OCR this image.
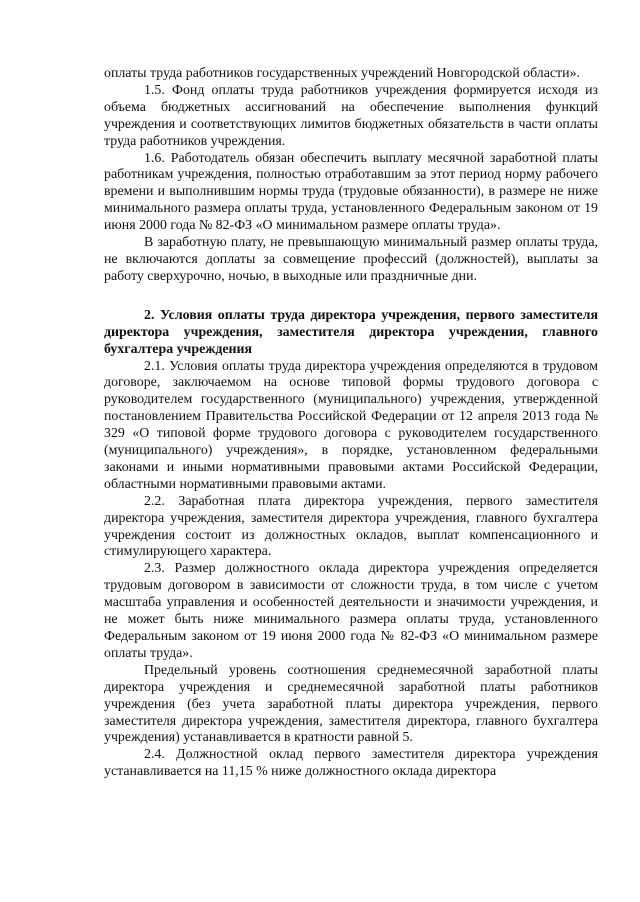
оплаты труда работников государственных учреждений Новгородской области».

1.5. Фонд оплаты труда работников учреждения формируется исходя из объема бюджетных ассигнований на обеспечение выполнения функций учреждения и соответствующих лимитов бюджетных обязательств в части оплаты труда работников учреждения.

1.6. Работодатель обязан обеспечить выплату месячной заработной платы работникам учреждения, полностью отработавшим за этот период норму рабочего времени и выполнившим нормы труда (трудовые обязанности), в размере не ниже минимального размера оплаты труда, установленного Федеральным законом от 19 июня 2000 года № 82-ФЗ «О минимальном размере оплаты труда».

В заработную плату, не превышающую минимальный размер оплаты труда, не включаются доплаты за совмещение профессий (должностей), выплаты за работу сверхурочно, ночью, в выходные или праздничные дни.

2. Условия оплаты труда директора учреждения, первого заместителя директора учреждения, заместителя директора учреждения, главного бухгалтера учреждения

2.1. Условия оплаты труда директора учреждения определяются в трудовом договоре, заключаемом на основе типовой формы трудового договора с руководителем государственного (муниципального) учреждения, утвержденной постановлением Правительства Российской Федерации от 12 апреля 2013 года № 329 «О типовой форме трудового договора с руководителем государственного (муниципального) учреждения», в порядке, установленном федеральными законами и иными нормативными правовыми актами Российской Федерации, областными нормативными правовыми актами.

2.2. Заработная плата директора учреждения, первого заместителя директора учреждения, заместителя директора учреждения, главного бухгалтера учреждения состоит из должностных окладов, выплат компенсационного и стимулирующего характера.

2.3. Размер должностного оклада директора учреждения определяется трудовым договором в зависимости от сложности труда, в том числе с учетом масштаба управления и особенностей деятельности и значимости учреждения, и не может быть ниже минимального размера оплаты труда, установленного Федеральным законом от 19 июня 2000 года № 82-ФЗ «О минимальном размере оплаты труда».

Предельный уровень соотношения среднемесячной заработной платы директора учреждения и среднемесячной заработной платы работников учреждения (без учета заработной платы директора учреждения, первого заместителя директора учреждения, заместителя директора, главного бухгалтера учреждения) устанавливается в кратности равной 5.

2.4. Должностной оклад первого заместителя директора учреждения устанавливается на 11,15 % ниже должностного оклада директора
